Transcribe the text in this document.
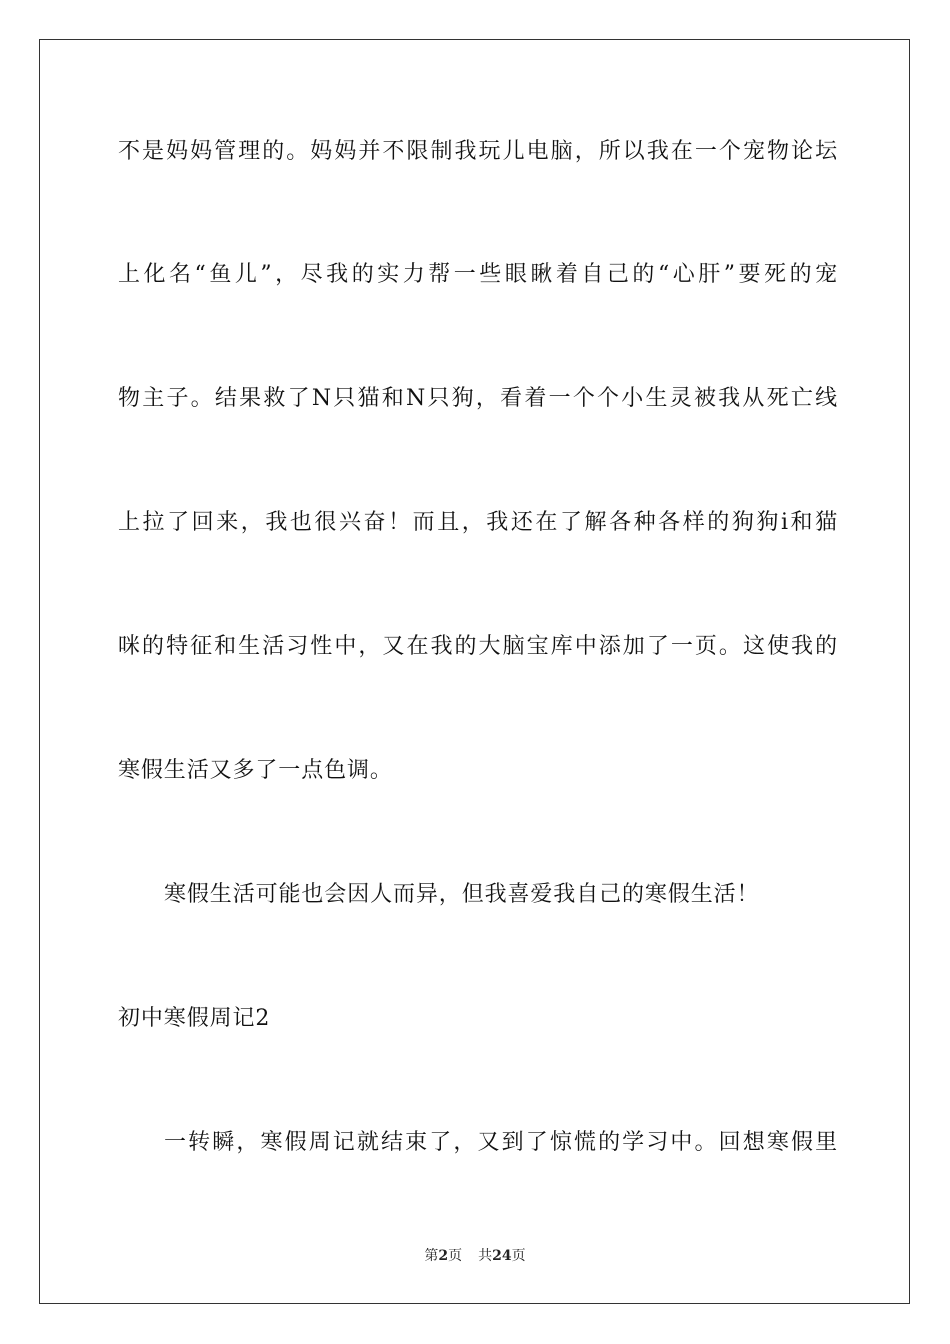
不是妈妈管理的。妈妈并不限制我玩儿电脑，所以我在一个宠物论坛
上化名“鱼儿”，尽我的实力帮一些眼瞅着自己的“心肝”要死的宠
物主子。结果救了N只猫和N只狗，看着一个个小生灵被我从死亡线
上拉了回来，我也很兴奋！而且，我还在了解各种各样的狗狗i和猫
咪的特征和生活习性中，又在我的大脑宝库中添加了一页。这使我的
寒假生活又多了一点色调。
寒假生活可能也会因人而异，但我喜爱我自己的寒假生活！
初中寒假周记2
一转瞬，寒假周记就结束了，又到了惊慌的学习中。回想寒假里
第2页 共24页
